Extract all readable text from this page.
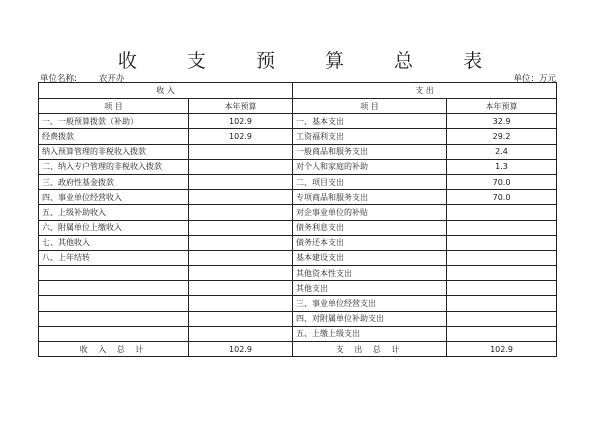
收 支 预 算 总 表
单位名称:	农开办	单位：万元
收 入		支 出	
项 目	本年预算	项 目	本年预算
一、一般预算拨款（补助）	102.9	一、基本支出	32.9
经费拨款	102.9	工资福利支出	29.2
纳入预算管理的非税收入拨款		一般商品和服务支出	2.4
二、纳入专户管理的非税收入拨款		对个人和家庭的补助	1.3
三、政府性基金拨款		二、项目支出	70.0
四、事业单位经营收入		专项商品和服务支出	70.0
五、上级补助收入		对企事业单位的补贴	
六、附属单位上缴收入		债务利息支出	
七、其他收入		债务还本支出	
八、上年结转		基本建设支出	
		其他资本性支出	
		其他支出	
		三、事业单位经营支出	
		四、对附属单位补助支出	
		五、上缴上级支出	
收 入 总 计	102.9	支 出 总 计	102.9
